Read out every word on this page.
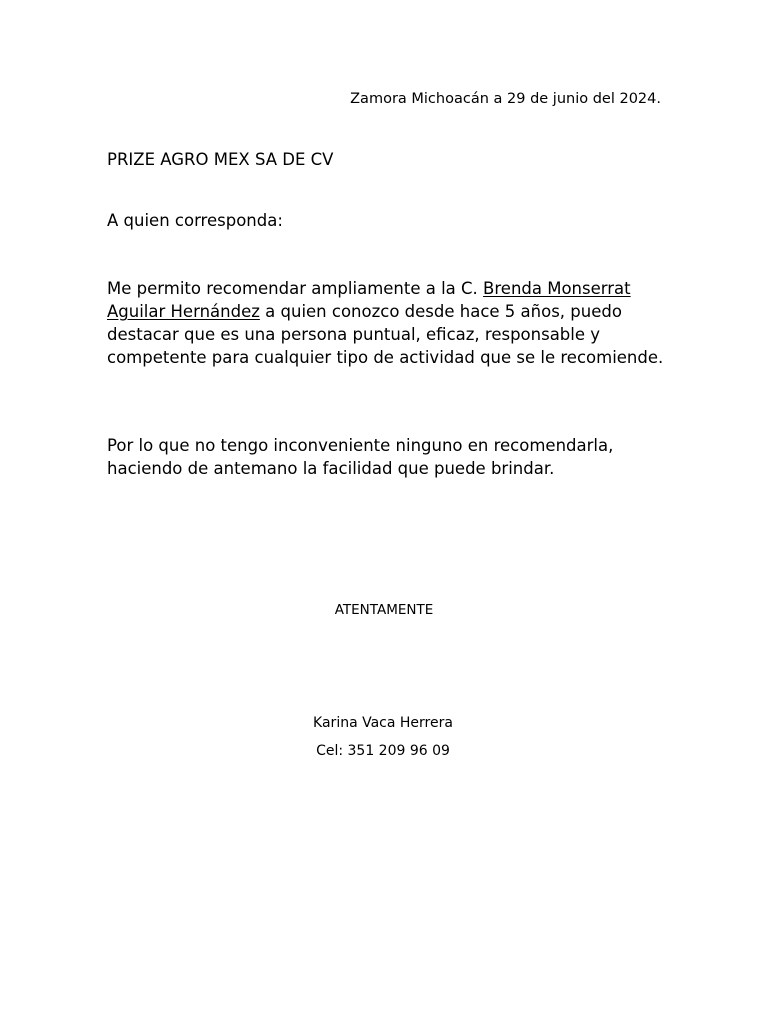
Zamora Michoacán a 29 de junio del 2024.
PRIZE AGRO MEX SA DE CV
A quien corresponda:
Me permito recomendar ampliamente a la C. Brenda Monserrat Aguilar Hernández a quien conozco desde hace 5 años, puedo destacar que es una persona puntual, eficaz, responsable y competente para cualquier tipo de actividad que se le recomiende.
Por lo que no tengo inconveniente ninguno en recomendarla, haciendo de antemano la facilidad que puede brindar.
ATENTAMENTE
Karina Vaca Herrera
Cel: 351 209 96 09
